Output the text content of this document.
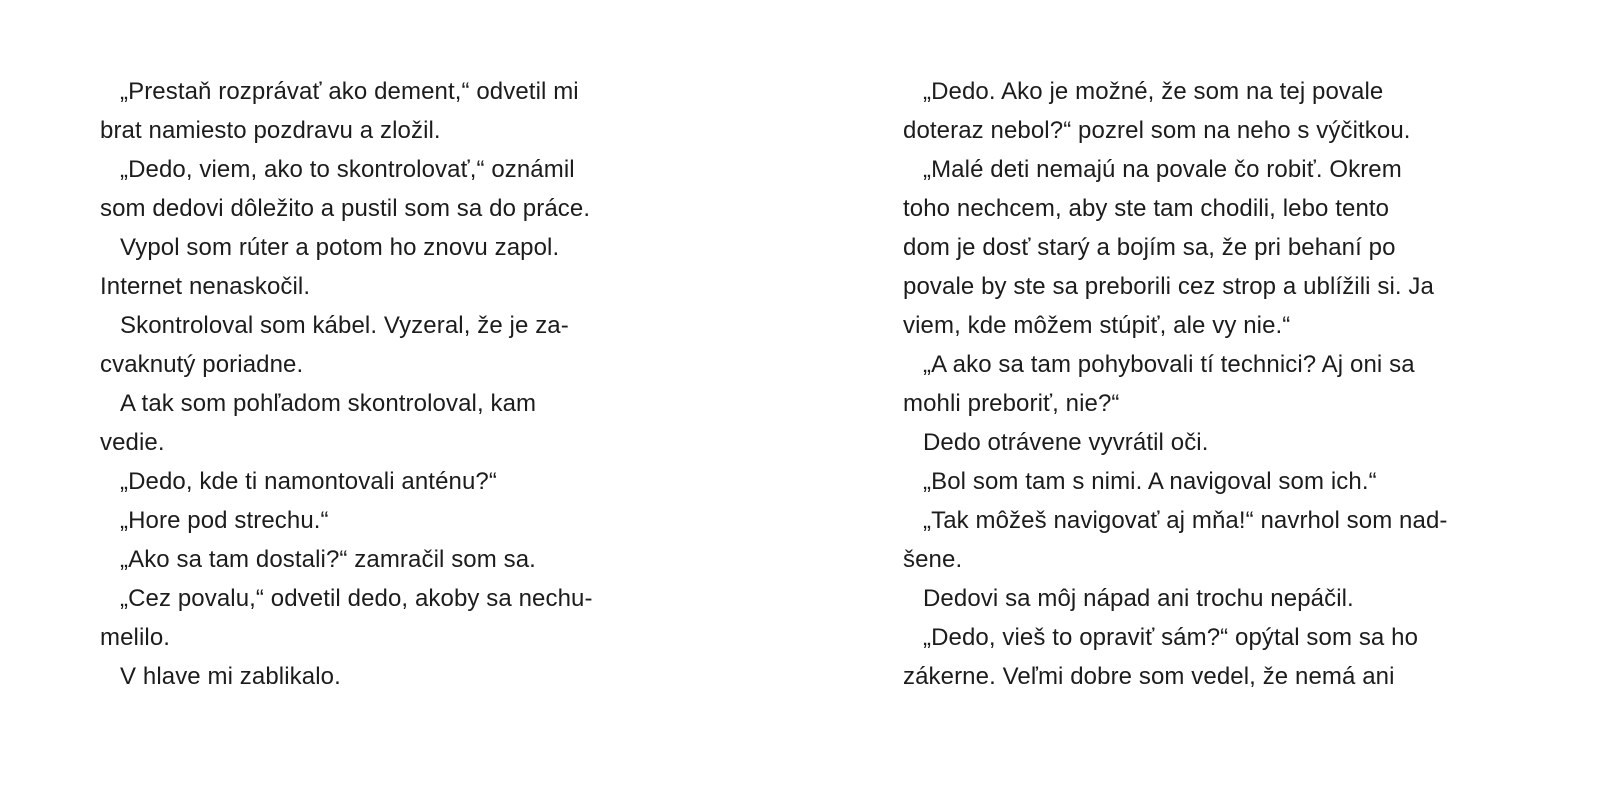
„Prestaň rozprávať ako dement,“ odvetil mi
brat namiesto pozdravu a zložil.
„Dedo, viem, ako to skontrolovať,“ oznámil
som dedovi dôležito a pustil som sa do práce.
Vypol som rúter a potom ho znovu zapol.
Internet nenaskočil.
Skontroloval som kábel. Vyzeral, že je za-
cvaknutý poriadne.
A tak som pohľadom skontroloval, kam
vedie.
„Dedo, kde ti namontovali anténu?“
„Hore pod strechu.“
„Ako sa tam dostali?“ zamračil som sa.
„Cez povalu,“ odvetil dedo, akoby sa nechu-
melilo.
V hlave mi zablikalo.
„Dedo. Ako je možné, že som na tej povale
doteraz nebol?“ pozrel som na neho s výčitkou.
„Malé deti nemajú na povale čo robiť. Okrem
toho nechcem, aby ste tam chodili, lebo tento
dom je dosť starý a bojím sa, že pri behaní po
povale by ste sa preborili cez strop a ublížili si. Ja
viem, kde môžem stúpiť, ale vy nie.“
„A ako sa tam pohybovali tí technici? Aj oni sa
mohli preboriť, nie?“
Dedo otrávene vyvrátil oči.
„Bol som tam s nimi. A navigoval som ich.“
„Tak môžeš navigovať aj mňa!“ navrhol som nad-
šene.
Dedovi sa môj nápad ani trochu nepáčil.
„Dedo, vieš to opraviť sám?“ opýtal som sa ho
zákerne. Veľmi dobre som vedel, že nemá ani
